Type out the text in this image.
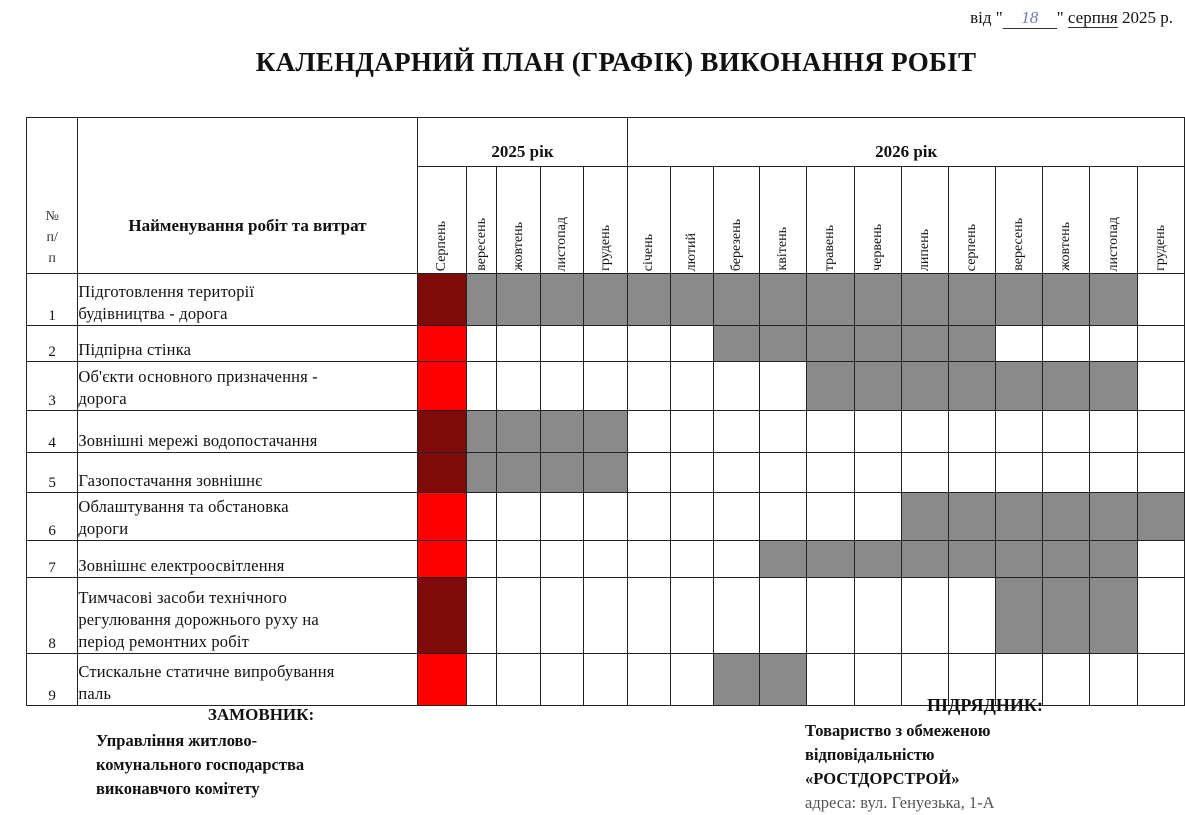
від " 18 " серпня 2025 р.
КАЛЕНДАРНИЙ ПЛАН (ГРАФІК) ВИКОНАННЯ РОБІТ
№
п/
п	Найменування робіт та витрат	2025 рік					2026 рік											

		Серпень	вересень	жовтень	листопад	грудень	січень	лютий	березень	квітень	травень	червень	липень	серпень	вересень	жовтень	листопад	грудень

1	Підготовлення території
будівництва - дорога																	
2	Підпірна стінка																	
3	Об'єкти основного призначення -
дорога																	
4	Зовнішні мережі водопостачання																	
5	Газопостачання зовнішнє																	
6	Облаштування та обстановка
дороги																	
7	Зовнішнє електроосвітлення																	
8	Тимчасові засоби технічного
регулювання дорожнього руху на
період ремонтних робіт																	
9	Стискальне статичне випробування
паль																	
ЗАМОВНИК:
Управління житлово-
комунального господарства
виконавчого комітету
ПІДРЯДНИК:
Товариство з обмеженою
відповідальністю
«РОСТДОРСТРОЙ»
адреса: вул. Генуезька, 1-А
